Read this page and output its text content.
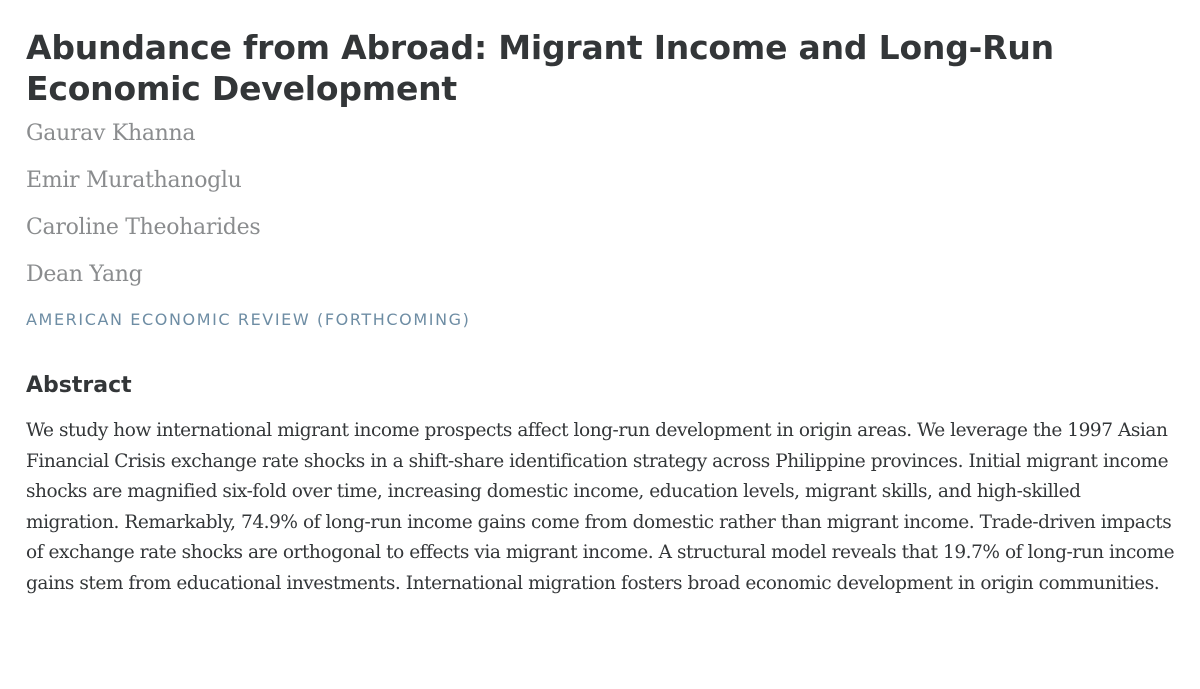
Abundance from Abroad: Migrant Income and Long-Run Economic Development

Gaurav Khanna

Emir Murathanoglu

Caroline Theoharides

Dean Yang

AMERICAN ECONOMIC REVIEW (FORTHCOMING)
Abstract

We study how international migrant income prospects affect long-run development in origin areas. We leverage the 1997 Asian Financial Crisis exchange rate shocks in a shift-share identification strategy across Philippine provinces. Initial migrant income shocks are magnified six-fold over time, increasing domestic income, education levels, migrant skills, and high-skilled migration. Remarkably, 74.9% of long-run income gains come from domestic rather than migrant income. Trade-driven impacts of exchange rate shocks are orthogonal to effects via migrant income. A structural model reveals that 19.7% of long-run income gains stem from educational investments. International migration fosters broad economic development in origin communities.
